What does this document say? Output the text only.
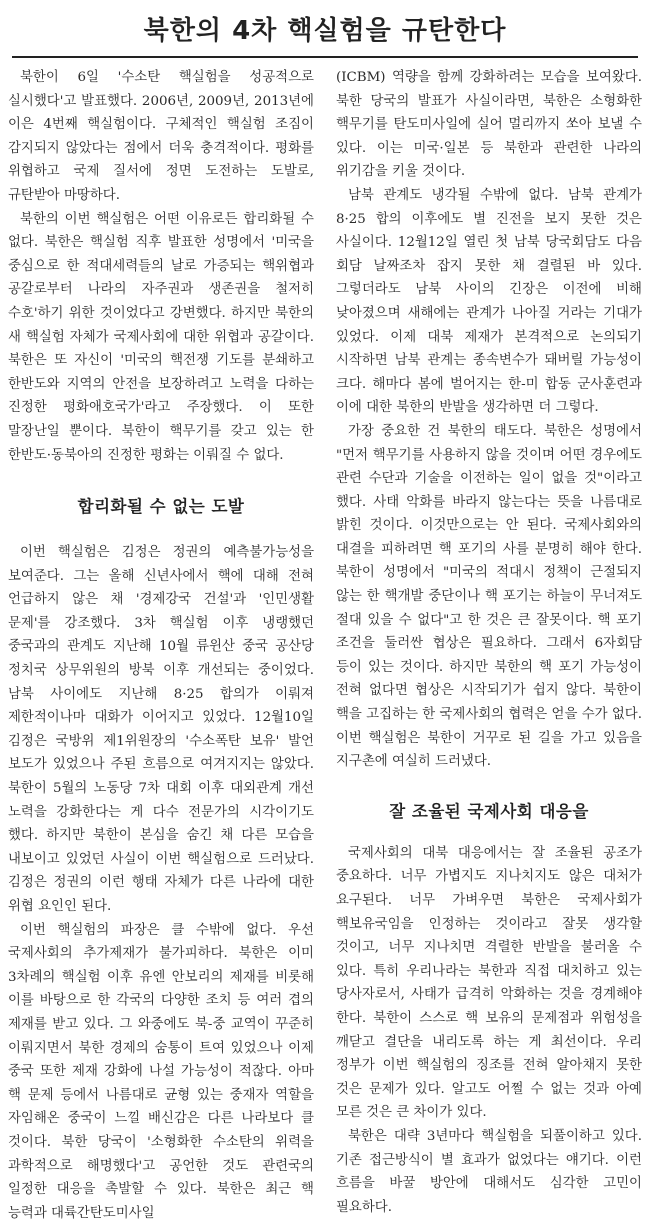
북한의 4차 핵실험을 규탄한다

북한이 6일 '수소탄 핵실험을 성공적으로 실시했다'고 발표했다. 2006년, 2009년, 2013년에 이은 4번째 핵실험이다. 구체적인 핵실험 조짐이 감지되지 않았다는 점에서 더욱 충격적이다. 평화를 위협하고 국제 질서에 정면 도전하는 도발로, 규탄받아 마땅하다.

북한의 이번 핵실험은 어떤 이유로든 합리화될 수 없다. 북한은 핵실험 직후 발표한 성명에서 '미국을 중심으로 한 적대세력들의 날로 가증되는 핵위협과 공갈로부터 나라의 자주권과 생존권을 철저히 수호'하기 위한 것이었다고 강변했다. 하지만 북한의 새 핵실험 자체가 국제사회에 대한 위협과 공갈이다. 북한은 또 자신이 '미국의 핵전쟁 기도를 분쇄하고 한반도와 지역의 안전을 보장하려고 노력을 다하는 진정한 평화애호국가'라고 주장했다. 이 또한 말장난일 뿐이다. 북한이 핵무기를 갖고 있는 한 한반도·동북아의 진정한 평화는 이뤄질 수 없다.

합리화될 수 없는 도발

이번 핵실험은 김정은 정권의 예측불가능성을 보여준다. 그는 올해 신년사에서 핵에 대해 전혀 언급하지 않은 채 '경제강국 건설'과 '인민생활 문제'를 강조했다. 3차 핵실험 이후 냉랭했던 중국과의 관계도 지난해 10월 류윈산 중국 공산당 정치국 상무위원의 방북 이후 개선되는 중이었다. 남북 사이에도 지난해 8·25 합의가 이뤄져 제한적이나마 대화가 이어지고 있었다. 12월10일 김정은 국방위 제1위원장의 '수소폭탄 보유' 발언 보도가 있었으나 주된 흐름으로 여겨지지는 않았다. 북한이 5월의 노동당 7차 대회 이후 대외관계 개선 노력을 강화한다는 게 다수 전문가의 시각이기도 했다. 하지만 북한이 본심을 숨긴 채 다른 모습을 내보이고 있었던 사실이 이번 핵실험으로 드러났다. 김정은 정권의 이런 행태 자체가 다른 나라에 대한 위협 요인인 된다.

이번 핵실험의 파장은 클 수밖에 없다. 우선 국제사회의 추가제재가 불가피하다. 북한은 이미 3차례의 핵실험 이후 유엔 안보리의 제재를 비롯해 이를 바탕으로 한 각국의 다양한 조치 등 여러 겹의 제재를 받고 있다. 그 와중에도 북-중 교역이 꾸준히 이뤄지면서 북한 경제의 숨통이 트여 있었으나 이제 중국 또한 제재 강화에 나설 가능성이 적잖다. 아마 핵 문제 등에서 나름대로 균형 있는 중재자 역할을 자임해온 중국이 느낄 배신감은 다른 나라보다 클 것이다. 북한 당국이 '소형화한 수소탄의 위력을 과학적으로 해명했다'고 공언한 것도 관련국의 일정한 대응을 촉발할 수 있다. 북한은 최근 핵 능력과 대륙간탄도미사일

(ICBM) 역량을 함께 강화하려는 모습을 보여왔다. 북한 당국의 발표가 사실이라면, 북한은 소형화한 핵무기를 탄도미사일에 실어 멀리까지 쏘아 보낼 수 있다. 이는 미국·일본 등 북한과 관련한 나라의 위기감을 키울 것이다.

남북 관계도 냉각될 수밖에 없다. 남북 관계가 8·25 합의 이후에도 별 진전을 보지 못한 것은 사실이다. 12월12일 열린 첫 남북 당국회담도 다음 회담 날짜조차 잡지 못한 채 결렬된 바 있다. 그렇더라도 남북 사이의 긴장은 이전에 비해 낮아졌으며 새해에는 관계가 나아질 거라는 기대가 있었다. 이제 대북 제재가 본격적으로 논의되기 시작하면 남북 관계는 종속변수가 돼버릴 가능성이 크다. 해마다 봄에 벌어지는 한-미 합동 군사훈련과 이에 대한 북한의 반발을 생각하면 더 그렇다.

가장 중요한 건 북한의 태도다. 북한은 성명에서 "먼저 핵무기를 사용하지 않을 것이며 어떤 경우에도 관련 수단과 기술을 이전하는 일이 없을 것"이라고 했다. 사태 악화를 바라지 않는다는 뜻을 나름대로 밝힌 것이다. 이것만으로는 안 된다. 국제사회와의 대결을 피하려면 핵 포기의 사를 분명히 해야 한다. 북한이 성명에서 "미국의 적대시 정책이 근절되지 않는 한 핵개발 중단이나 핵 포기는 하늘이 무너져도 절대 있을 수 없다"고 한 것은 큰 잘못이다. 핵 포기 조건을 둘러싼 협상은 필요하다. 그래서 6자회담 등이 있는 것이다. 하지만 북한의 핵 포기 가능성이 전혀 없다면 협상은 시작되기가 쉽지 않다. 북한이 핵을 고집하는 한 국제사회의 협력은 얻을 수가 없다. 이번 핵실험은 북한이 거꾸로 된 길을 가고 있음을 지구촌에 여실히 드러냈다.

잘 조율된 국제사회 대응을

국제사회의 대북 대응에서는 잘 조율된 공조가 중요하다. 너무 가볍지도 지나치지도 않은 대처가 요구된다. 너무 가벼우면 북한은 국제사회가 핵보유국임을 인정하는 것이라고 잘못 생각할 것이고, 너무 지나치면 격렬한 반발을 불러올 수 있다. 특히 우리나라는 북한과 직접 대치하고 있는 당사자로서, 사태가 급격히 악화하는 것을 경계해야 한다. 북한이 스스로 핵 보유의 문제점과 위험성을 깨닫고 결단을 내리도록 하는 게 최선이다. 우리 정부가 이번 핵실험의 징조를 전혀 알아채지 못한 것은 문제가 있다. 알고도 어쩔 수 없는 것과 아예 모른 것은 큰 차이가 있다.

북한은 대략 3년마다 핵실험을 되풀이하고 있다. 기존 접근방식이 별 효과가 없었다는 얘기다. 이런 흐름을 바꿀 방안에 대해서도 심각한 고민이 필요하다.
